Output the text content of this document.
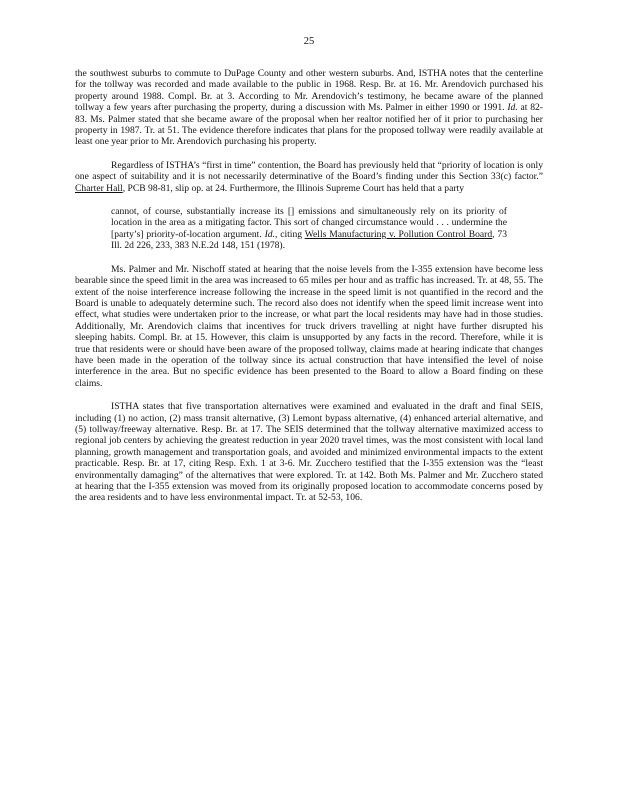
25

the southwest suburbs to commute to DuPage County and other western suburbs. And, ISTHA notes that the centerline for the tollway was recorded and made available to the public in 1968. Resp. Br. at 16. Mr. Arendovich purchased his property around 1988. Compl. Br. at 3. According to Mr. Arendovich’s testimony, he became aware of the planned tollway a few years after purchasing the property, during a discussion with Ms. Palmer in either 1990 or 1991. Id. at 82-83. Ms. Palmer stated that she became aware of the proposal when her realtor notified her of it prior to purchasing her property in 1987. Tr. at 51. The evidence therefore indicates that plans for the proposed tollway were readily available at least one year prior to Mr. Arendovich purchasing his property.

Regardless of ISTHA’s “first in time” contention, the Board has previously held that “priority of location is only one aspect of suitability and it is not necessarily determinative of the Board’s finding under this Section 33(c) factor.” Charter Hall, PCB 98-81, slip op. at 24. Furthermore, the Illinois Supreme Court has held that a party

cannot, of course, substantially increase its [] emissions and simultaneously rely on its priority of location in the area as a mitigating factor. This sort of changed circumstance would . . . undermine the [party’s] priority-of-location argument. Id., citing Wells Manufacturing v. Pollution Control Board, 73 Ill. 2d 226, 233, 383 N.E.2d 148, 151 (1978).

Ms. Palmer and Mr. Nischoff stated at hearing that the noise levels from the I-355 extension have become less bearable since the speed limit in the area was increased to 65 miles per hour and as traffic has increased. Tr. at 48, 55. The extent of the noise interference increase following the increase in the speed limit is not quantified in the record and the Board is unable to adequately determine such. The record also does not identify when the speed limit increase went into effect, what studies were undertaken prior to the increase, or what part the local residents may have had in those studies. Additionally, Mr. Arendovich claims that incentives for truck drivers travelling at night have further disrupted his sleeping habits. Compl. Br. at 15. However, this claim is unsupported by any facts in the record. Therefore, while it is true that residents were or should have been aware of the proposed tollway, claims made at hearing indicate that changes have been made in the operation of the tollway since its actual construction that have intensified the level of noise interference in the area. But no specific evidence has been presented to the Board to allow a Board finding on these claims.

ISTHA states that five transportation alternatives were examined and evaluated in the draft and final SEIS, including (1) no action, (2) mass transit alternative, (3) Lemont bypass alternative, (4) enhanced arterial alternative, and (5) tollway/freeway alternative. Resp. Br. at 17. The SEIS determined that the tollway alternative maximized access to regional job centers by achieving the greatest reduction in year 2020 travel times, was the most consistent with local land planning, growth management and transportation goals, and avoided and minimized environmental impacts to the extent practicable. Resp. Br. at 17, citing Resp. Exh. 1 at 3-6. Mr. Zucchero testified that the I-355 extension was the “least environmentally damaging” of the alternatives that were explored. Tr. at 142. Both Ms. Palmer and Mr. Zucchero stated at hearing that the I-355 extension was moved from its originally proposed location to accommodate concerns posed by the area residents and to have less environmental impact. Tr. at 52-53, 106.
